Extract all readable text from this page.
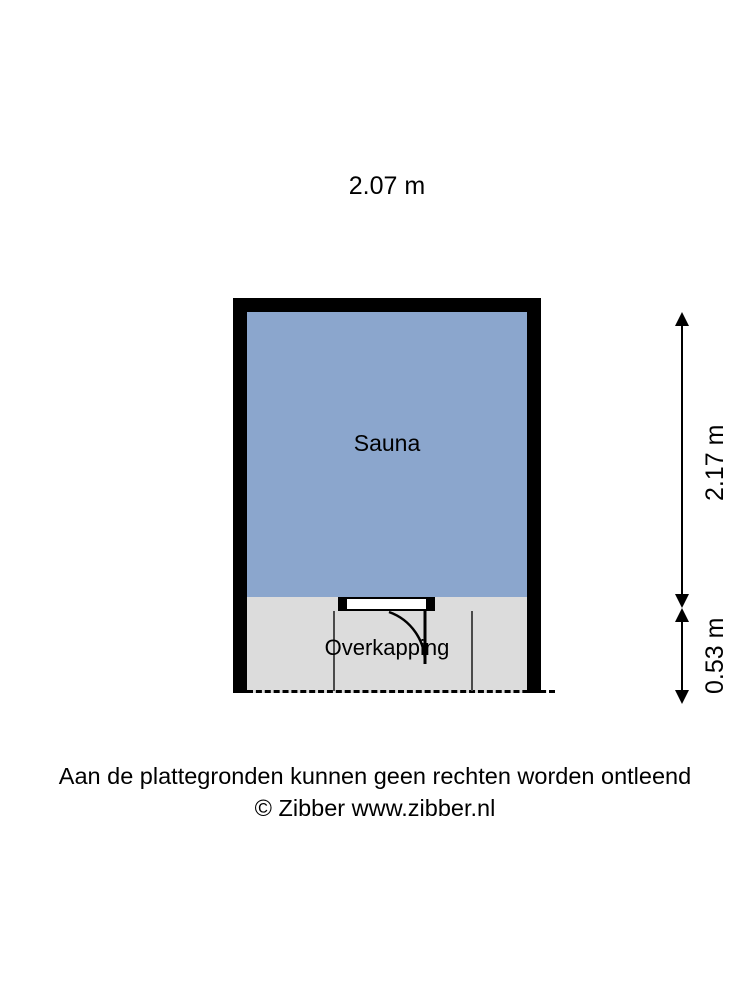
2.07 m
Sauna
Overkapping
2.17 m
0.53 m
Aan de plattegronden kunnen geen rechten worden ontleend
© Zibber www.zibber.nl
